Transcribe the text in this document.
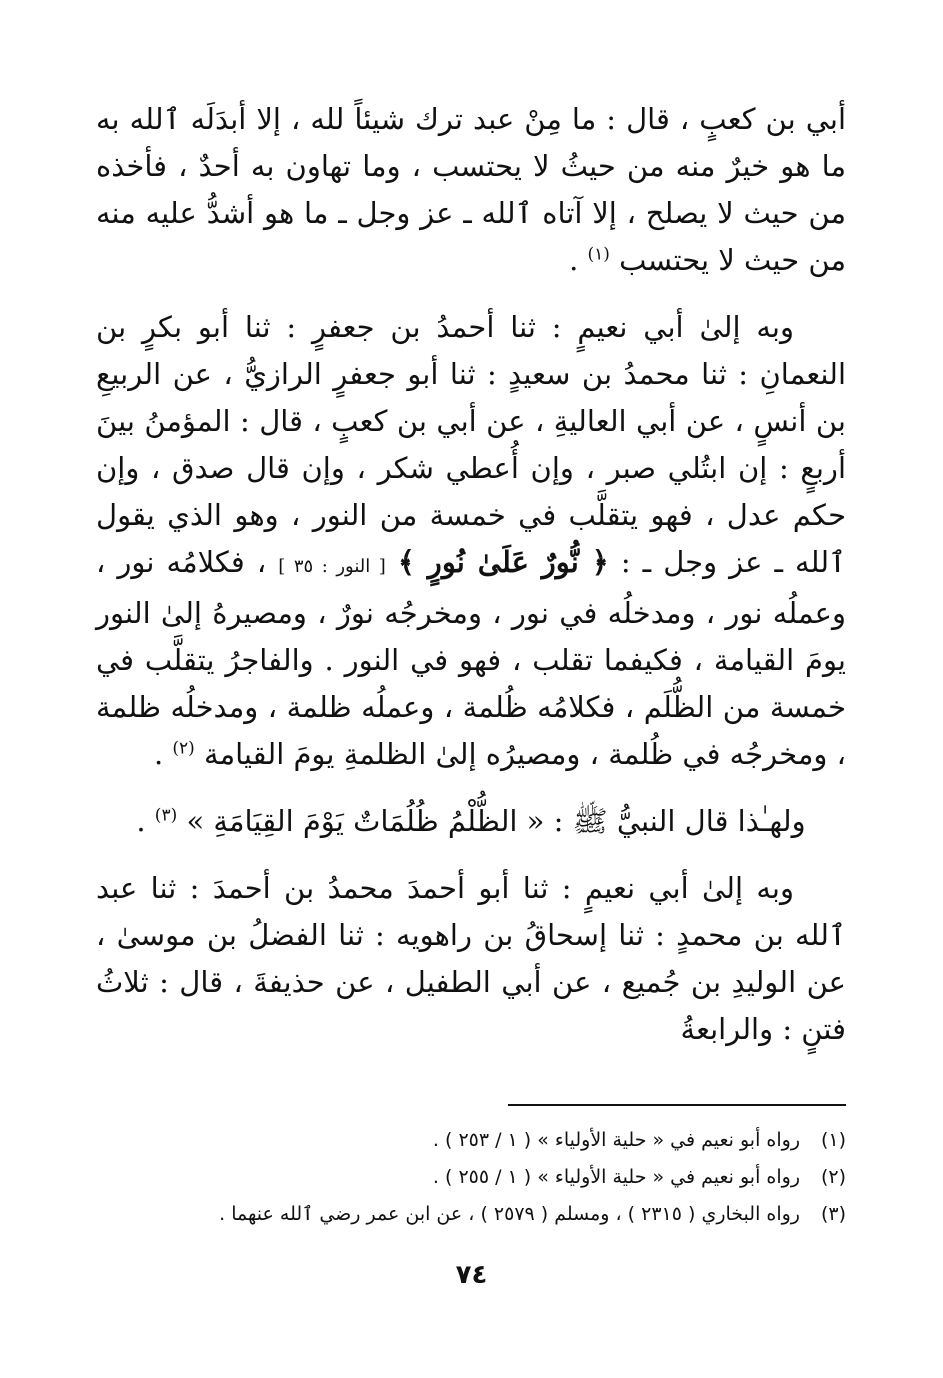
أبي بن كعبٍ ، قال : ما مِنْ عبد ترك شيئاً لله ، إلا أبدَلَه ٱلله به ما هو خيرٌ منه من حيثُ لا يحتسب ، وما تهاون به أحدٌ ، فأخذه من حيث لا يصلح ، إلا آتاه ٱلله ـ عز وجل ـ ما هو أشدُّ عليه منه من حيث لا يحتسب $^{(١)}$ .

وبه إلىٰ أبي نعيمٍ : ثنا أحمدُ بن جعفرٍ : ثنا أبو بكرٍ بن النعمانِ : ثنا محمدُ بن سعيدٍ : ثنا أبو جعفرٍ الرازيُّ ، عن الربيعِ بن أنسٍ ، عن أبي العاليةِ ، عن أبي بن كعبٍ ، قال : المؤمنُ بينَ أربعٍ : إن ابتُلي صبر ، وإن أُعطي شكر ، وإن قال صدق ، وإن حكم عدل ، فهو يتقلَّب في خمسة من النور ، وهو الذي يقول ٱلله ـ عز وجل ـ : ﴿ نُّورٌ عَلَىٰ نُورٍ ﴾ [ النور : ٣٥ ] ، فكلامُه نور ، وعملُه نور ، ومدخلُه في نور ، ومخرجُه نورٌ ، ومصيرهُ إلىٰ النور يومَ القيامة ، فكيفما تقلب ، فهو في النور . والفاجرُ يتقلَّب في خمسة من الظُّلَم ، فكلامُه ظُلمة ، وعملُه ظلمة ، ومدخلُه ظلمة ، ومخرجُه في ظُلمة ، ومصيرُه إلىٰ الظلمةِ يومَ القيامة $^{(٢)}$ .

ولهـٰذا قال النبيُّ ﷺ : « الظُّلْمُ ظُلُمَاتٌ يَوْمَ القِيَامَةِ » $^{(٣)}$ .

وبه إلىٰ أبي نعيمٍ : ثنا أبو أحمدَ محمدُ بن أحمدَ : ثنا عبد ٱلله بن محمدٍ : ثنا إسحاقُ بن راهويه : ثنا الفضلُ بن موسىٰ ، عن الوليدِ بن جُميع ، عن أبي الطفيل ، عن حذيفةَ ، قال : ثلاثُ فتنٍ : والرابعةُ

(١)
رواه أبو نعيم في « حلية الأولياء » ( ١ / ٢٥٣ ) .
(٢)
رواه أبو نعيم في « حلية الأولياء » ( ١ / ٢٥٥ ) .
(٣)
رواه البخاري ( ٢٣١٥ ) ، ومسلم ( ٢٥٧٩ ) ، عن ابن عمر رضي ٱلله عنهما .
٧٤
